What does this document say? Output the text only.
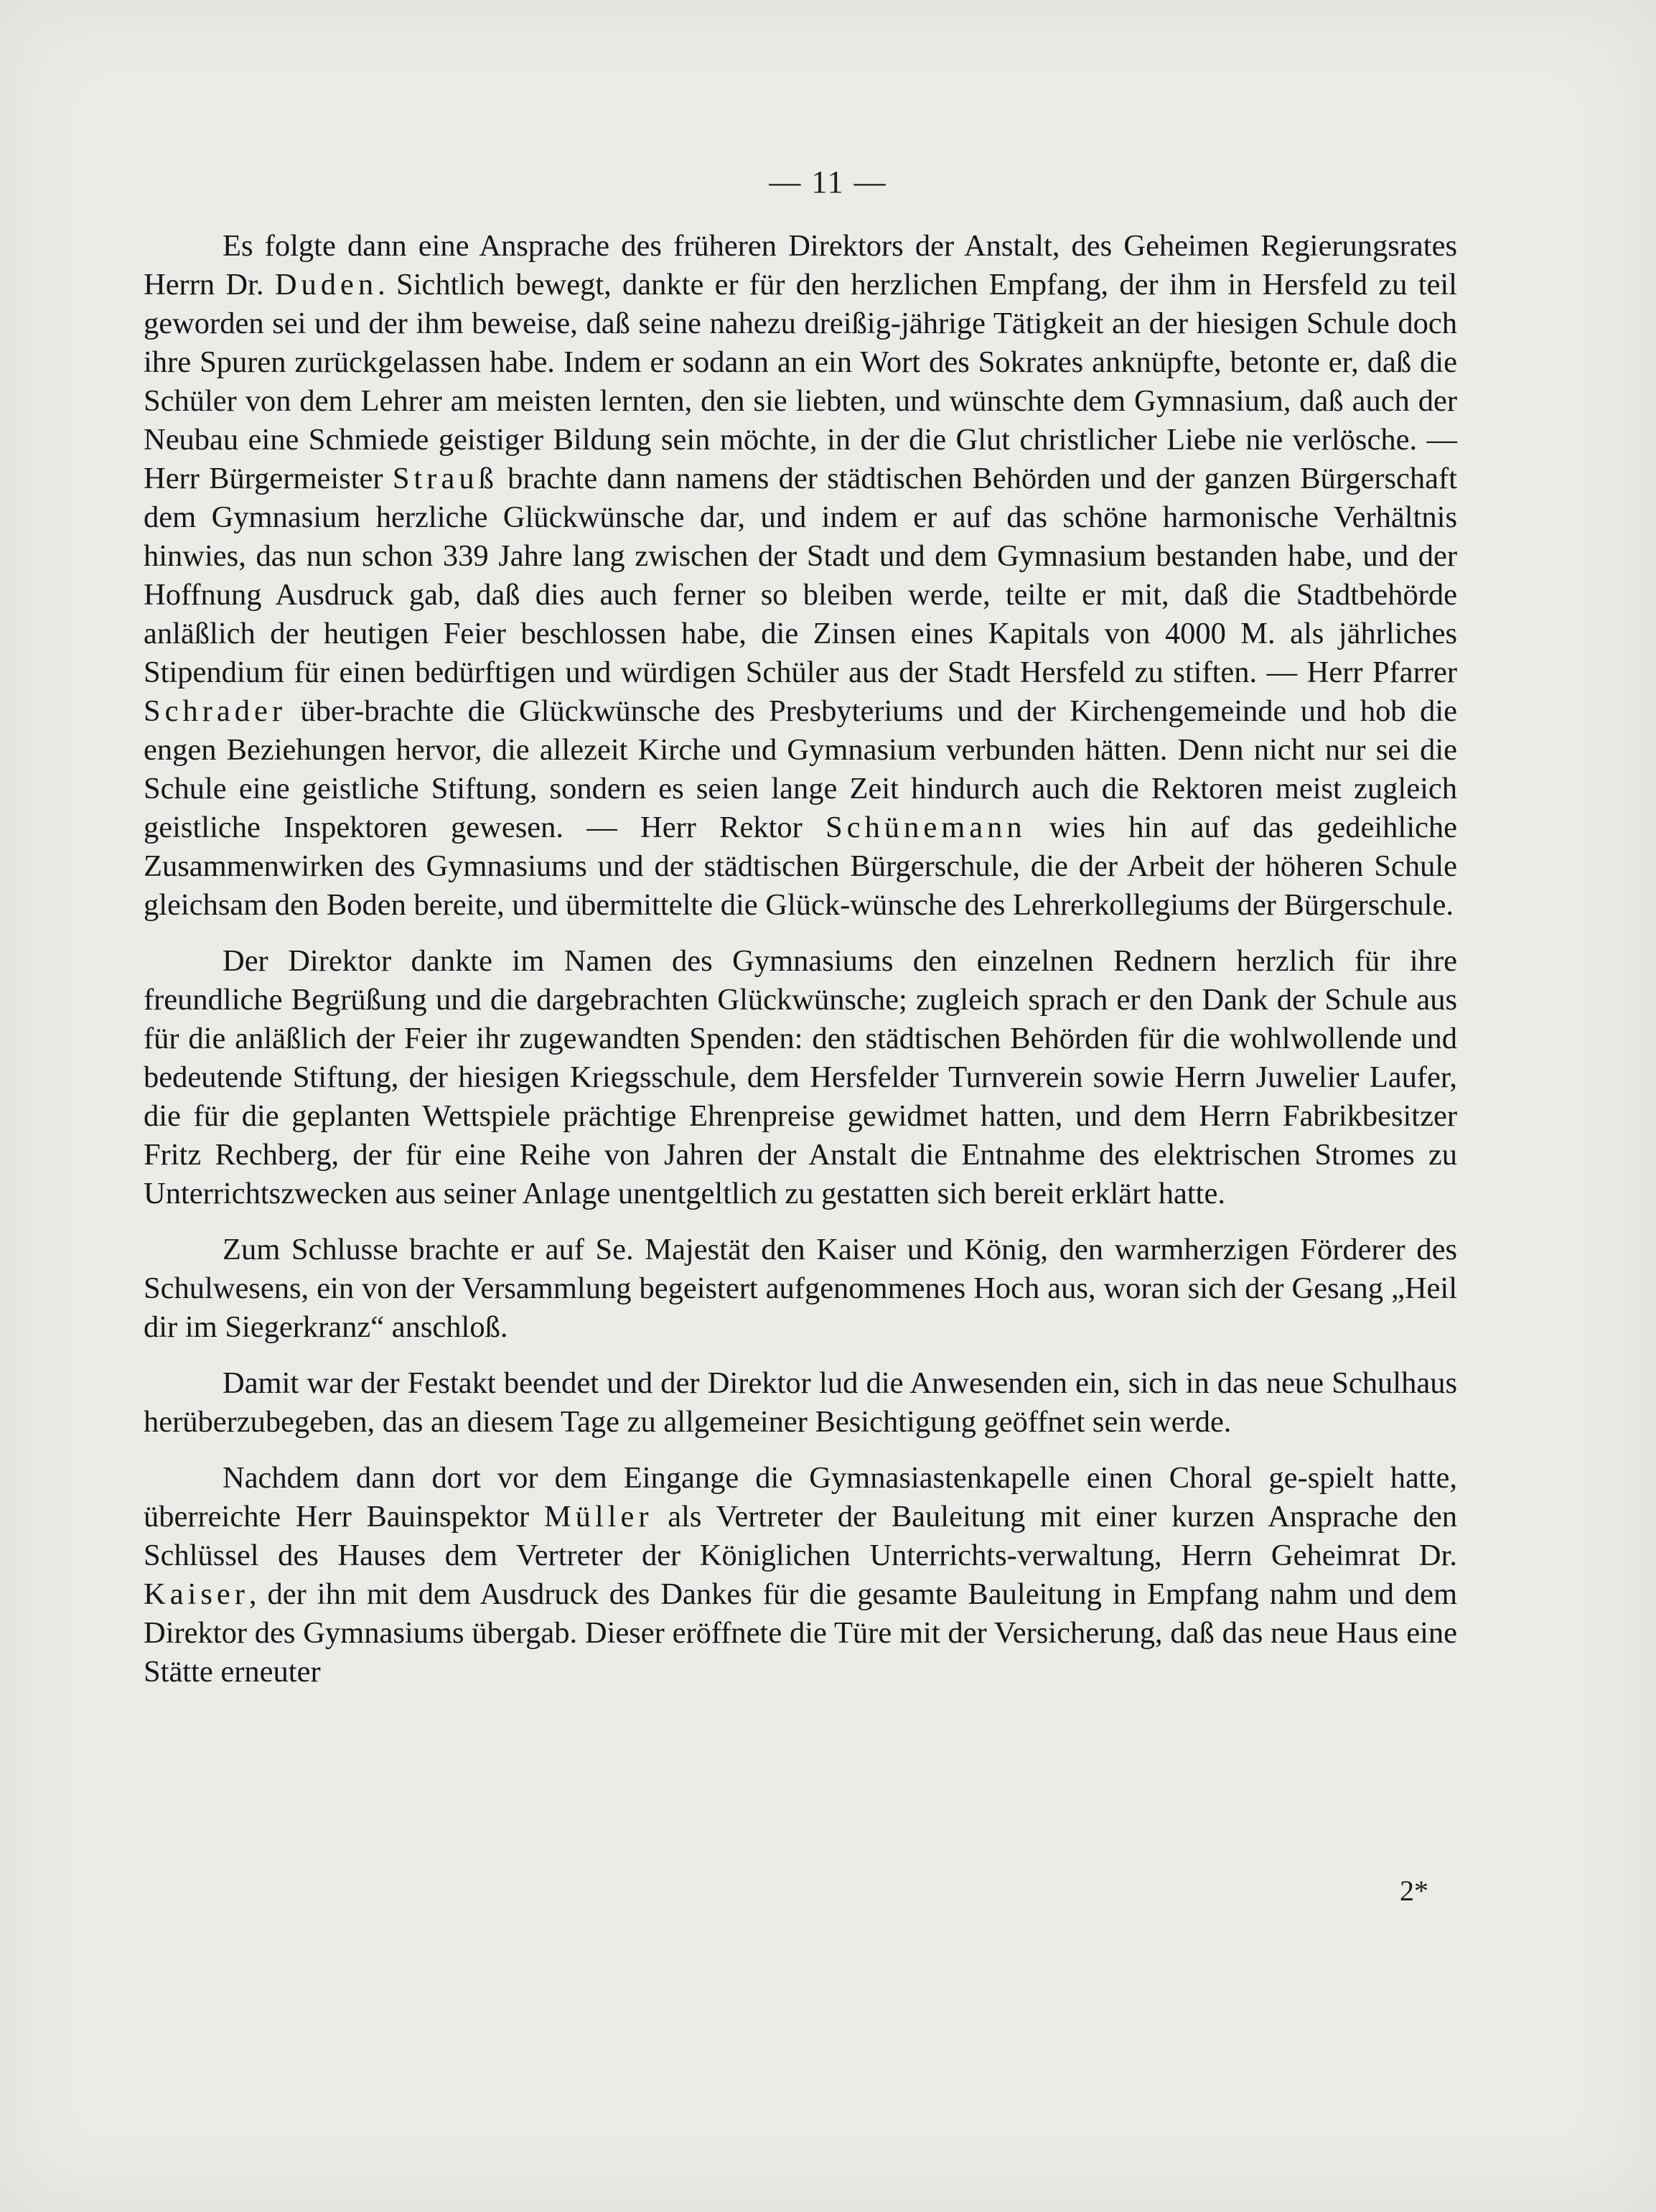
— 11 —

Es folgte dann eine Ansprache des früheren Direktors der Anstalt, des Geheimen Regierungsrates Herrn Dr. Duden. Sichtlich bewegt, dankte er für den herzlichen Empfang, der ihm in Hersfeld zu teil geworden sei und der ihm beweise, daß seine nahezu dreißig-jährige Tätigkeit an der hiesigen Schule doch ihre Spuren zurückgelassen habe. Indem er sodann an ein Wort des Sokrates anknüpfte, betonte er, daß die Schüler von dem Lehrer am meisten lernten, den sie liebten, und wünschte dem Gymnasium, daß auch der Neubau eine Schmiede geistiger Bildung sein möchte, in der die Glut christlicher Liebe nie verlösche. — Herr Bürgermeister Strauß brachte dann namens der städtischen Behörden und der ganzen Bürgerschaft dem Gymnasium herzliche Glückwünsche dar, und indem er auf das schöne harmonische Verhältnis hinwies, das nun schon 339 Jahre lang zwischen der Stadt und dem Gymnasium bestanden habe, und der Hoffnung Ausdruck gab, daß dies auch ferner so bleiben werde, teilte er mit, daß die Stadtbehörde anläßlich der heutigen Feier beschlossen habe, die Zinsen eines Kapitals von 4000 M. als jährliches Stipendium für einen bedürftigen und würdigen Schüler aus der Stadt Hersfeld zu stiften. — Herr Pfarrer Schrader über-brachte die Glückwünsche des Presbyteriums und der Kirchengemeinde und hob die engen Beziehungen hervor, die allezeit Kirche und Gymnasium verbunden hätten. Denn nicht nur sei die Schule eine geistliche Stiftung, sondern es seien lange Zeit hindurch auch die Rektoren meist zugleich geistliche Inspektoren gewesen. — Herr Rektor Schünemann wies hin auf das gedeihliche Zusammenwirken des Gymnasiums und der städtischen Bürgerschule, die der Arbeit der höheren Schule gleichsam den Boden bereite, und übermittelte die Glück-wünsche des Lehrerkollegiums der Bürgerschule.

Der Direktor dankte im Namen des Gymnasiums den einzelnen Rednern herzlich für ihre freundliche Begrüßung und die dargebrachten Glückwünsche; zugleich sprach er den Dank der Schule aus für die anläßlich der Feier ihr zugewandten Spenden: den städtischen Behörden für die wohlwollende und bedeutende Stiftung, der hiesigen Kriegsschule, dem Hersfelder Turnverein sowie Herrn Juwelier Laufer, die für die geplanten Wettspiele prächtige Ehrenpreise gewidmet hatten, und dem Herrn Fabrikbesitzer Fritz Rechberg, der für eine Reihe von Jahren der Anstalt die Entnahme des elektrischen Stromes zu Unterrichtszwecken aus seiner Anlage unentgeltlich zu gestatten sich bereit erklärt hatte.

Zum Schlusse brachte er auf Se. Majestät den Kaiser und König, den warmherzigen Förderer des Schulwesens, ein von der Versammlung begeistert aufgenommenes Hoch aus, woran sich der Gesang „Heil dir im Siegerkranz“ anschloß.

Damit war der Festakt beendet und der Direktor lud die Anwesenden ein, sich in das neue Schulhaus herüberzubegeben, das an diesem Tage zu allgemeiner Besichtigung geöffnet sein werde.

Nachdem dann dort vor dem Eingange die Gymnasiastenkapelle einen Choral ge-spielt hatte, überreichte Herr Bauinspektor Müller als Vertreter der Bauleitung mit einer kurzen Ansprache den Schlüssel des Hauses dem Vertreter der Königlichen Unterrichts-verwaltung, Herrn Geheimrat Dr. Kaiser, der ihn mit dem Ausdruck des Dankes für die gesamte Bauleitung in Empfang nahm und dem Direktor des Gymnasiums übergab. Dieser eröffnete die Türe mit der Versicherung, daß das neue Haus eine Stätte erneuter

2*
